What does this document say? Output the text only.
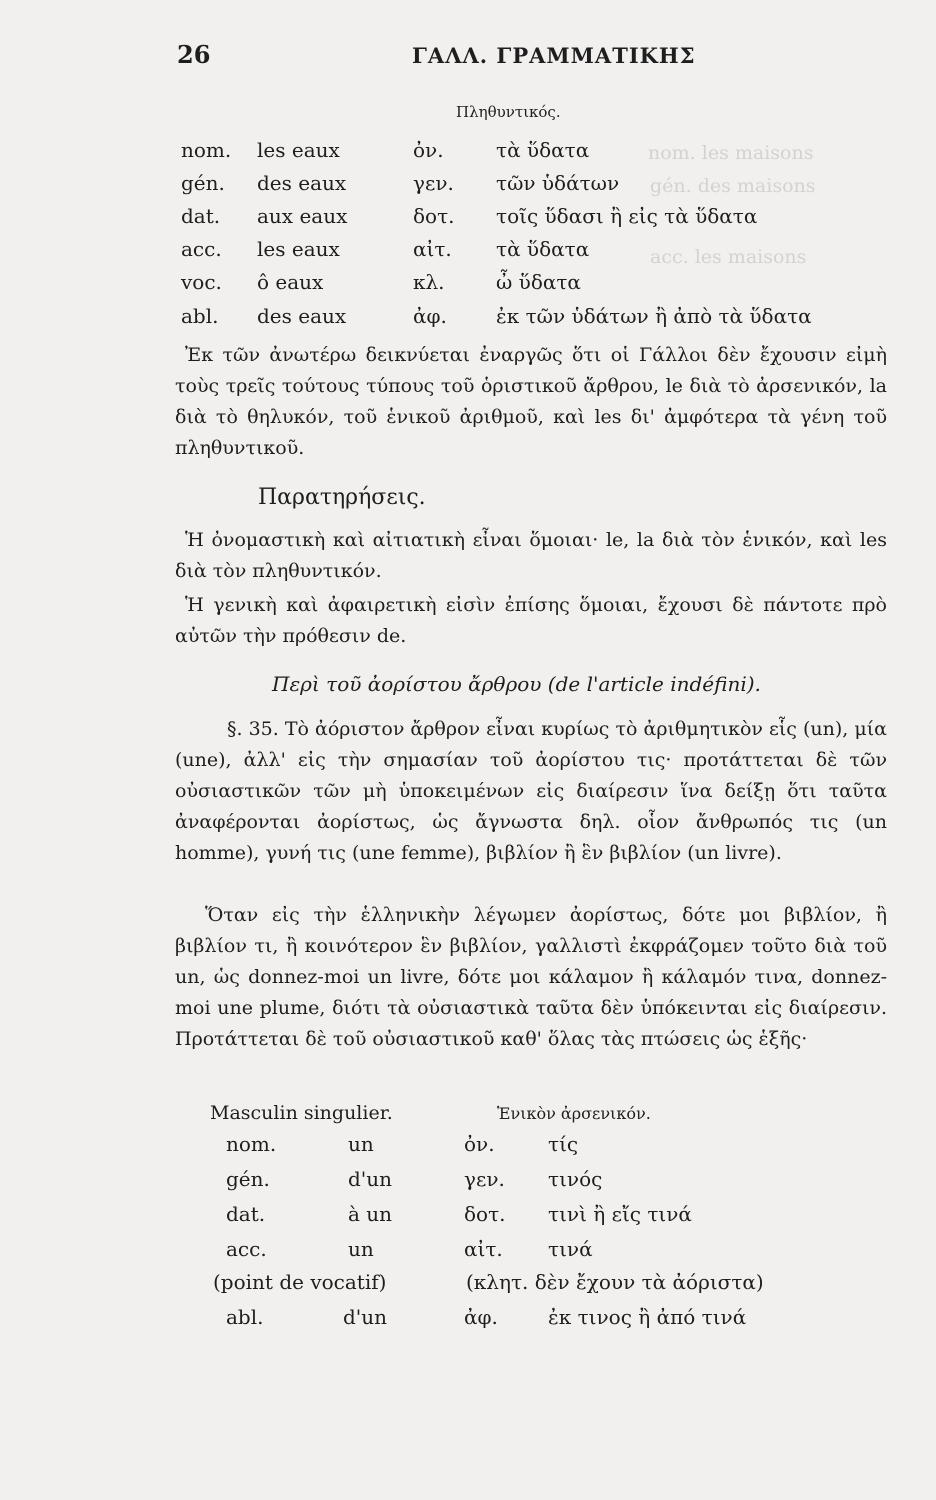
nom. les maisons
gén. des maisons
acc. les maisons
26	ΓΑΛΛ. ΓΡΑΜΜΑΤΙΚΗΣ
Πληθυντικός.
nom. les eaux	ὀν.	τὰ ὕδατα
gén. des eaux	γεν. τῶν ὑδάτων
dat. aux eaux	δοτ. τοῖς ὕδασι ἢ εἰς τὰ ὕδατα
acc. les eaux	αἰτ. τὰ ὕδατα
voc. ô eaux	κλ.	ὦ ὕδατα
abl. des eaux	ἀφ. ἐκ τῶν ὑδάτων ἢ ἀπὸ τὰ ὕδατα

Ἐκ τῶν ἀνωτέρω δεικνύεται ἐναργῶς ὅτι οἱ Γάλλοι δὲν ἔχουσιν εἰμὴ τοὺς τρεῖς τούτους τύπους τοῦ ὁριστικοῦ ἄρθρου, le διὰ τὸ ἀρσενικόν, la διὰ τὸ θηλυκόν, τοῦ ἑνικοῦ ἀριθμοῦ, καὶ les δι' ἀμφότερα τὰ γένη τοῦ πληθυντικοῦ.

Παρατηρήσεις.

Ἡ ὀνομαστικὴ καὶ αἰτιατικὴ εἶναι ὅμοιαι· le, la διὰ τὸν ἑνικόν, καὶ les διὰ τὸν πληθυντικόν.

Ἡ γενικὴ καὶ ἀφαιρετικὴ εἰσὶν ἐπίσης ὅμοιαι, ἔχουσι δὲ πάντοτε πρὸ αὐτῶν τὴν πρόθεσιν de.

Περὶ τοῦ ἀορίστου ἄρθρου (de l'article indéfini).

§. 35. Τὸ ἀόριστον ἄρθρον εἶναι κυρίως τὸ ἀριθμητικὸν εἷς (un), μία (une), ἀλλ' εἰς τὴν σημασίαν τοῦ ἀορίστου τις· προτάττεται δὲ τῶν οὐσιαστικῶν τῶν μὴ ὑποκειμένων εἰς διαίρεσιν ἵνα δείξῃ ὅτι ταῦτα ἀναφέρονται ἀορίστως, ὡς ἄγνωστα δηλ. οἷον ἄνθρωπός τις (un homme), γυνή τις (une femme), βιβλίον ἢ ἓν βιβλίον (un livre).

Ὅταν εἰς τὴν ἑλληνικὴν λέγωμεν ἀορίστως, δότε μοι βιβλίον, ἢ βιβλίον τι, ἢ κοινότερον ἓν βιβλίον, γαλλιστὶ ἐκφράζομεν τοῦτο διὰ τοῦ un, ὡς donnez-moi un livre, δότε μοι κάλαμον ἢ κάλαμόν τινα, donnez-moi une plume, διότι τὰ οὐσιαστικὰ ταῦτα δὲν ὑπόκεινται εἰς διαίρεσιν. Προτάττεται δὲ τοῦ οὐσιαστικοῦ καθ' ὅλας τὰς πτώσεις ὡς ἑξῆς·

Masculin singulier.	Ἑνικὸν ἀρσενικόν.
nom.	un	ὀν.	τίς
gén.	d'un	γεν. τινός
dat.	à un	δοτ. τινὶ ἢ εἴς τινά
acc.	un	αἰτ. τινά
(point de vocatif)	(κλητ. δὲν ἔχουν τὰ ἀόριστα)
abl.	d'un	ἀφ.	ἐκ τινος ἢ ἀπό τινά
